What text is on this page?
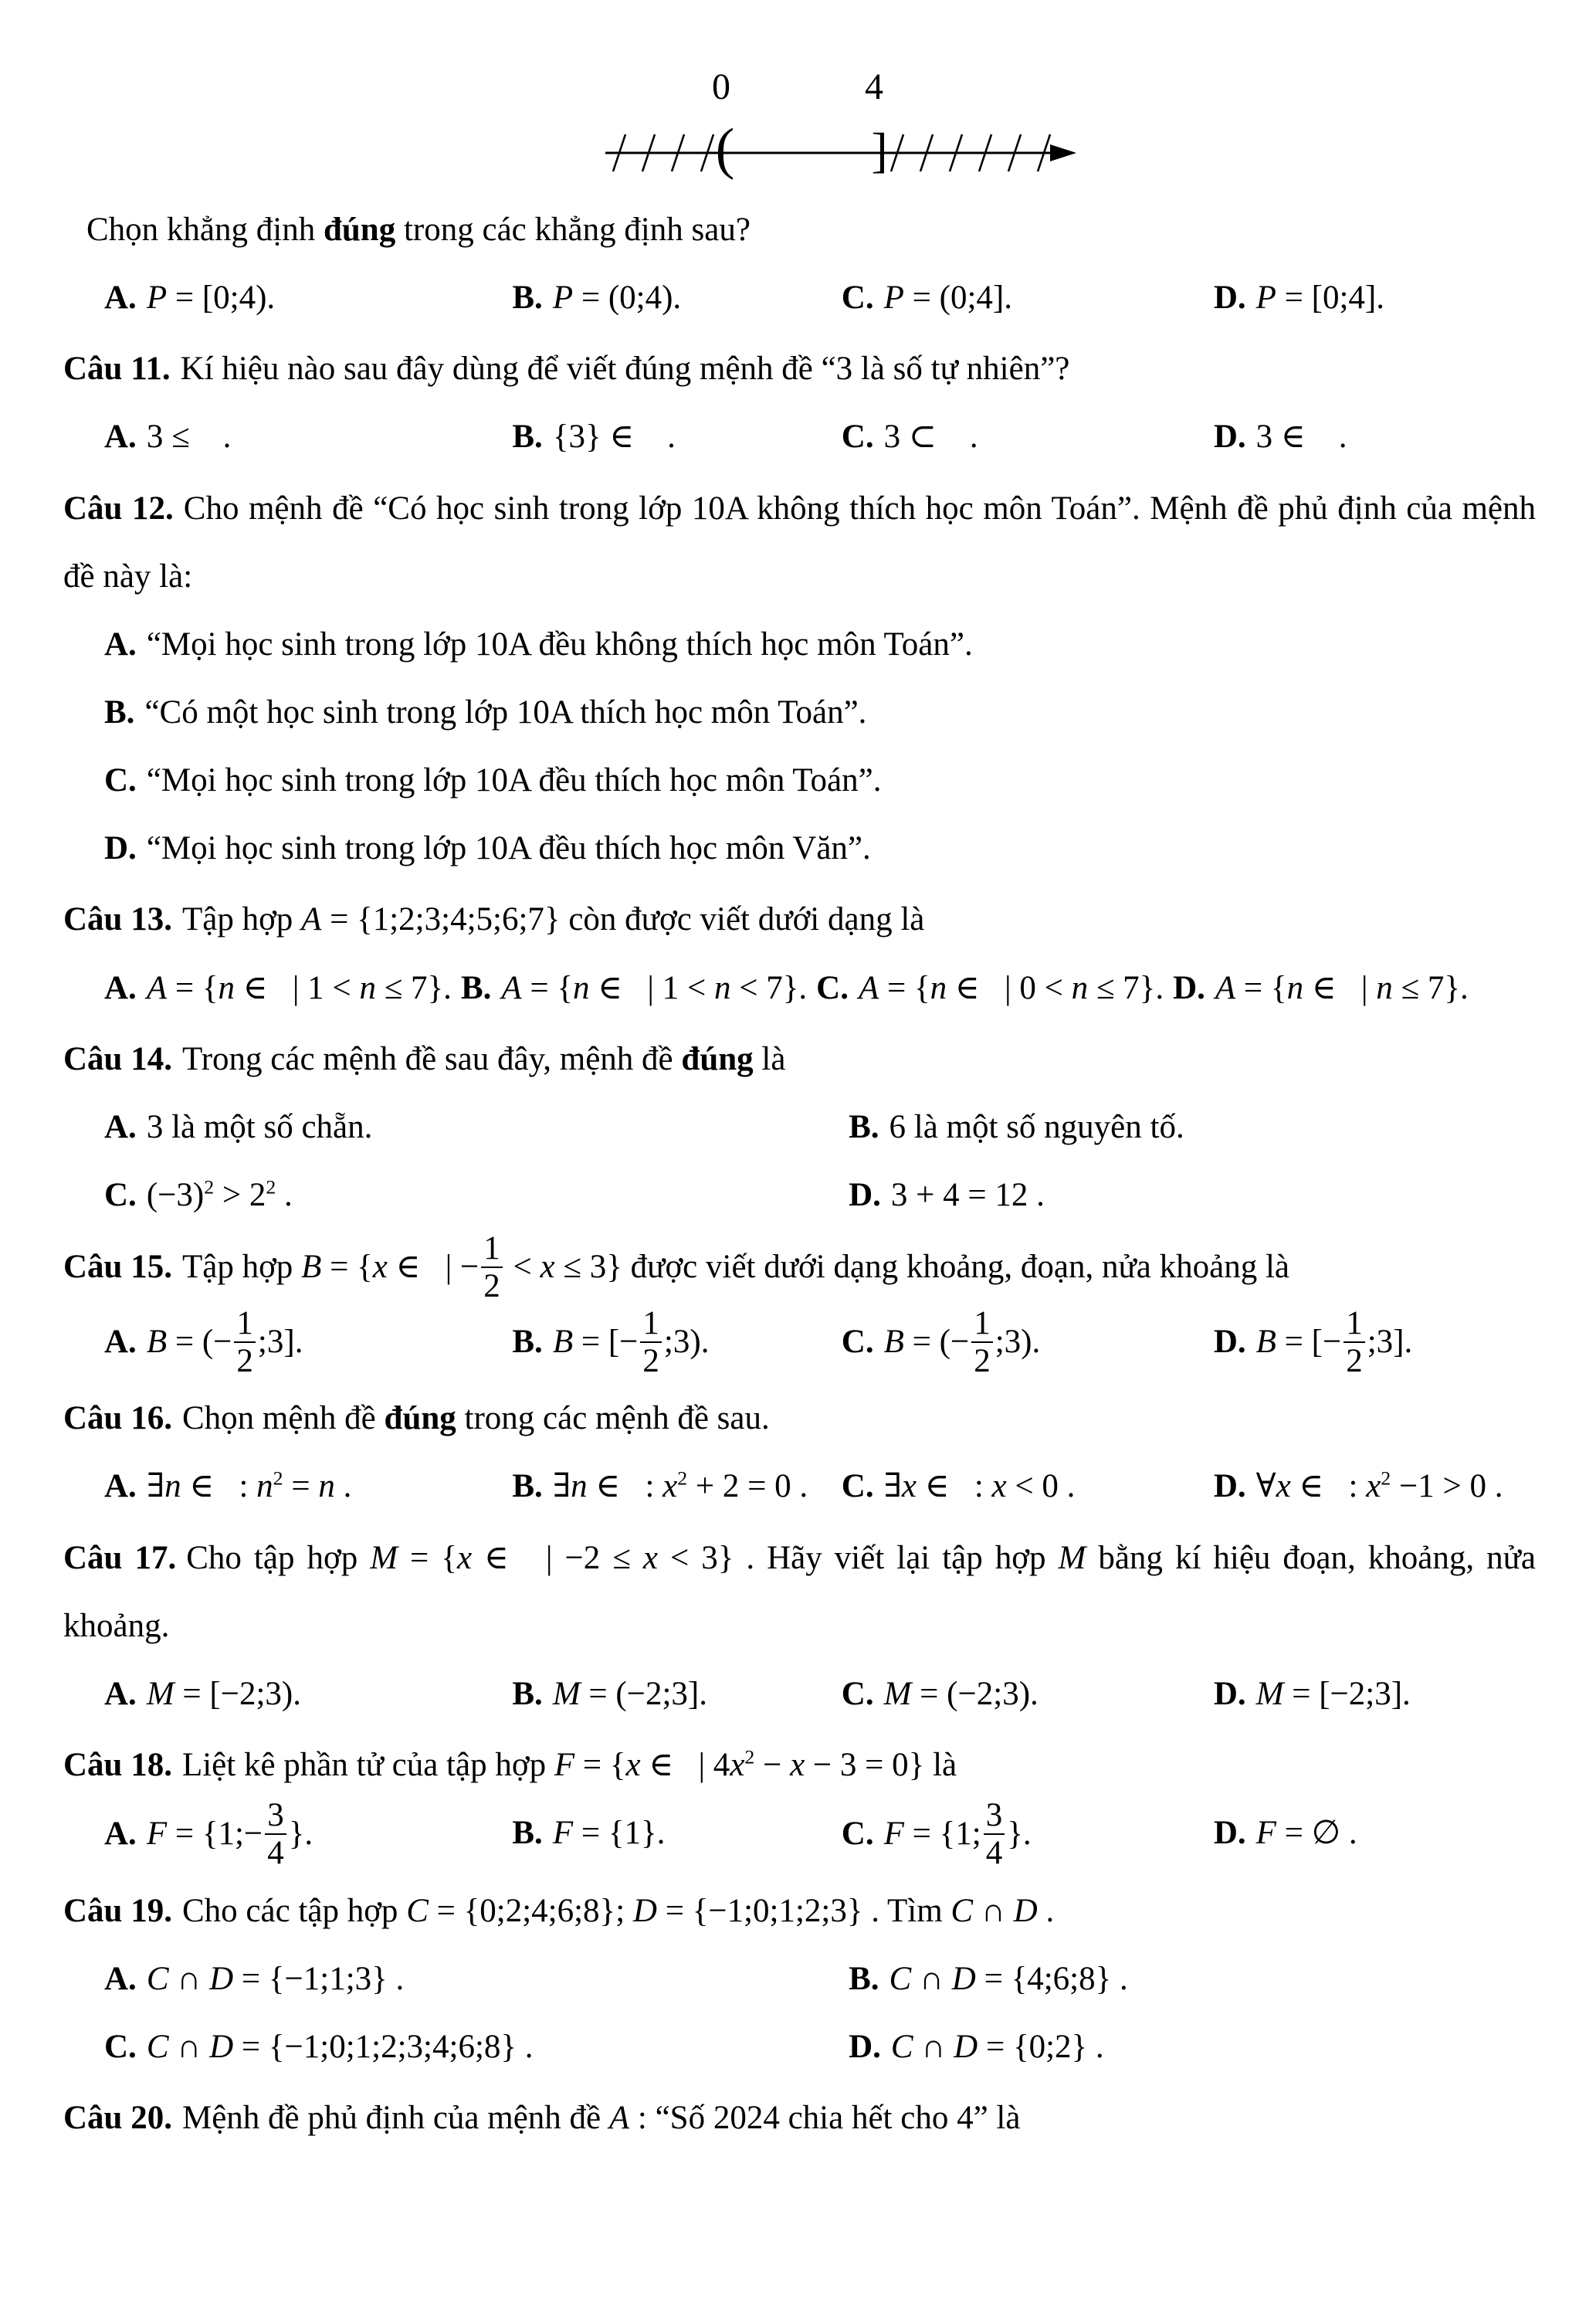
(	]
0	4

Chọn khẳng định đúng trong các khẳng định sau?

A. P = [0;4).	B. P = (0;4).	C. P = (0;4].	D. P = [0;4].

Câu 11. Kí hiệu nào sau đây dùng để viết đúng mệnh đề “3 là số tự nhiên”?

A. 3 ≤    .	B. {3} ∈    .	C. 3 ⊂    .	D. 3 ∈    .

Câu 12. Cho mệnh đề “Có học sinh trong lớp 10A không thích học môn Toán”. Mệnh đề phủ định của mệnh đề này là:

A. “Mọi học sinh trong lớp 10A đều không thích học môn Toán”.
B. “Có một học sinh trong lớp 10A thích học môn Toán”.
C. “Mọi học sinh trong lớp 10A đều thích học môn Toán”.
D. “Mọi học sinh trong lớp 10A đều thích học môn Văn”.

Câu 13. Tập hợp A = {1;2;3;4;5;6;7} còn được viết dưới dạng là

A. A = {n ∈   | 1 < n ≤ 7}. B. A = {n ∈   | 1 < n < 7}. C. A = {n ∈   | 0 < n ≤ 7}. D. A = {n ∈   | n ≤ 7}.

Câu 14. Trong các mệnh đề sau đây, mệnh đề đúng là

A. 3 là một số chẵn.	B. 6 là một số nguyên tố.
C. $(-3)^2 > 2^2$ .	D. 3 + 4 = 12 .

Câu 15. Tập hợp B = {x ∈   | − $\frac{1}{2} < x \le 3$} được viết dưới dạng khoảng, đoạn, nửa khoảng là

A. B = (− $\frac{1}{2}$ ;3].	B. B = [− $\frac{1}{2}$ ;3).	C. B = (− $\frac{1}{2}$ ;3).	D. B = [− $\frac{1}{2}$ ;3].

Câu 16. Chọn mệnh đề đúng trong các mệnh đề sau.

A. ∃n ∈   : $n^2 = n$ .	B. ∃n ∈   : $x^2 + 2 = 0$ .	C. ∃x ∈   : x < 0 .	D. ∀x ∈   : $x^2 -1 > 0$ .

Câu 17. Cho tập hợp M = {x ∈   | −2 ≤ x < 3} . Hãy viết lại tập hợp M bằng kí hiệu đoạn, khoảng, nửa khoảng.

A. M = [−2;3).	B. M = (−2;3].	C. M = (−2;3).	D. M = [−2;3].

Câu 18. Liệt kê phần tử của tập hợp F = {x ∈   | $4x^2 - x - 3 = 0$} là

A. F = {1;− $\frac{3}{4}$ }.	B. F = {1}.	C. F = {1; $\frac{3}{4}$ }.	D. F = ∅ .

Câu 19. Cho các tập hợp C = {0;2;4;6;8}; D = {−1;0;1;2;3} . Tìm C ∩ D .

A. C ∩ D = {−1;1;3} .	B. C ∩ D = {4;6;8} .
C. C ∩ D = {−1;0;1;2;3;4;6;8} .	D. C ∩ D = {0;2} .

Câu 20. Mệnh đề phủ định của mệnh đề A : “Số 2024 chia hết cho 4” là
